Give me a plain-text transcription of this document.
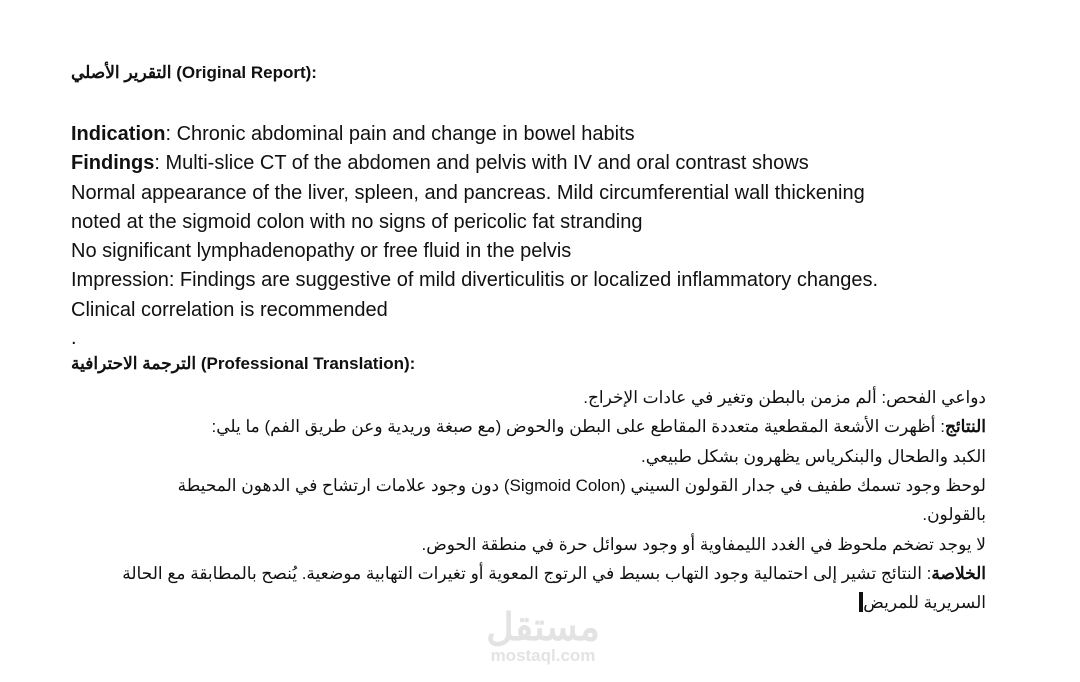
التقرير الأصلي (Original Report):
Indication: Chronic abdominal pain and change in bowel habits
Findings: Multi-slice CT of the abdomen and pelvis with IV and oral contrast shows
Normal appearance of the liver, spleen, and pancreas. Mild circumferential wall thickening
noted at the sigmoid colon with no signs of pericolic fat stranding
No significant lymphadenopathy or free fluid in the pelvis
Impression: Findings are suggestive of mild diverticulitis or localized inflammatory changes.
Clinical correlation is recommended
.
الترجمة الاحترافية (Professional Translation):
دواعي الفحص: ألم مزمن بالبطن وتغير في عادات الإخراج.
النتائج: أظهرت الأشعة المقطعية متعددة المقاطع على البطن والحوض (مع صبغة وريدية وعن طريق الفم) ما يلي:
الكبد والطحال والبنكرياس يظهرون بشكل طبيعي.
لوحظ وجود تسمك طفيف في جدار القولون السيني (Sigmoid Colon) دون وجود علامات ارتشاح في الدهون المحيطة
بالقولون.
لا يوجد تضخم ملحوظ في الغدد الليمفاوية أو وجود سوائل حرة في منطقة الحوض.
الخلاصة: النتائج تشير إلى احتمالية وجود التهاب بسيط في الرتوج المعوية أو تغيرات التهابية موضعية. يُنصح بالمطابقة مع الحالة
السريرية للمريض
مستقل
mostaql.com
